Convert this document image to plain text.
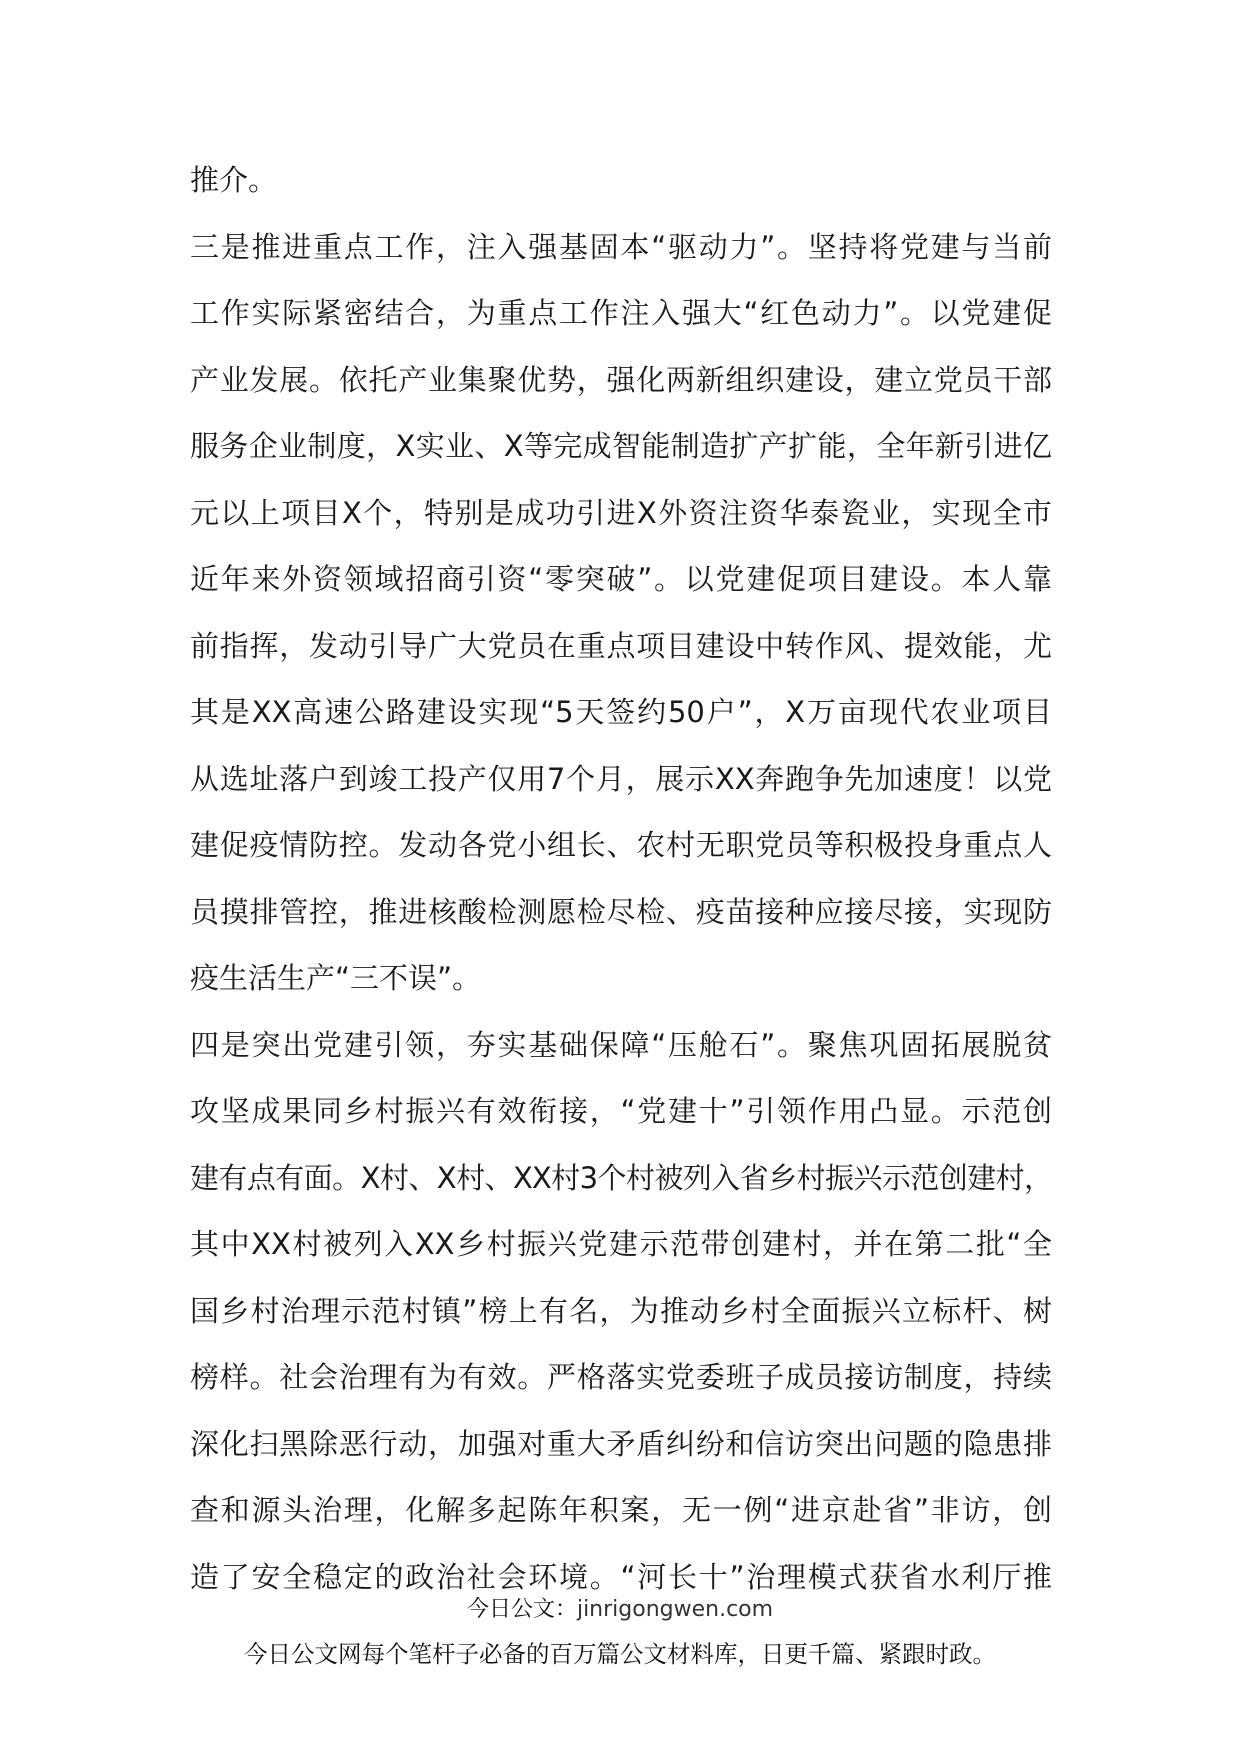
推介。
三是推进重点工作，注入强基固本“驱动力”。坚持将党建与当前
工作实际紧密结合，为重点工作注入强大“红色动力”。以党建促
产业发展。依托产业集聚优势，强化两新组织建设，建立党员干部
服务企业制度，X实业、X等完成智能制造扩产扩能，全年新引进亿
元以上项目X个，特别是成功引进X外资注资华泰瓷业，实现全市
近年来外资领域招商引资“零突破”。以党建促项目建设。本人靠
前指挥，发动引导广大党员在重点项目建设中转作风、提效能，尤
其是XX高速公路建设实现“5天签约50户”，X万亩现代农业项目
从选址落户到竣工投产仅用7个月，展示XX奔跑争先加速度！以党
建促疫情防控。发动各党小组长、农村无职党员等积极投身重点人
员摸排管控，推进核酸检测愿检尽检、疫苗接种应接尽接，实现防
疫生活生产“三不误”。
四是突出党建引领，夯实基础保障“压舱石”。聚焦巩固拓展脱贫
攻坚成果同乡村振兴有效衔接，“党建十”引领作用凸显。示范创
建有点有面。X村、X村、XX村3个村被列入省乡村振兴示范创建村，
其中XX村被列入XX乡村振兴党建示范带创建村，并在第二批“全
国乡村治理示范村镇”榜上有名，为推动乡村全面振兴立标杆、树
榜样。社会治理有为有效。严格落实党委班子成员接访制度，持续
深化扫黑除恶行动，加强对重大矛盾纠纷和信访突出问题的隐患排
查和源头治理，化解多起陈年积案，无一例“进京赴省”非访，创
造了安全稳定的政治社会环境。“河长十”治理模式获省水利厅推
今日公文：jinrigongwen.com
今日公文网每个笔杆子必备的百万篇公文材料库，日更千篇、紧跟时政。
